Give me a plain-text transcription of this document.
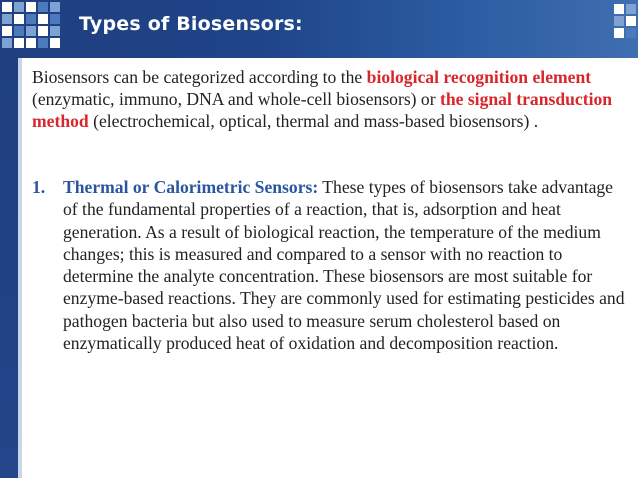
Types of Biosensors:

Biosensors can be categorized according to the biological recognition element (enzymatic, immuno, DNA and whole-cell biosensors) or the signal transduction method (electrochemical, optical, thermal and mass-based biosensors) .

1. Thermal or Calorimetric Sensors: These types of biosensors take advantage of the fundamental properties of a reaction, that is, adsorption and heat generation. As a result of biological reaction, the temperature of the medium changes; this is measured and compared to a sensor with no reaction to determine the analyte concentration. These biosensors are most suitable for enzyme-based reactions. They are commonly used for estimating pesticides and pathogen bacteria but also used to measure serum cholesterol based on enzymatically produced heat of oxidation and decomposition reaction.
